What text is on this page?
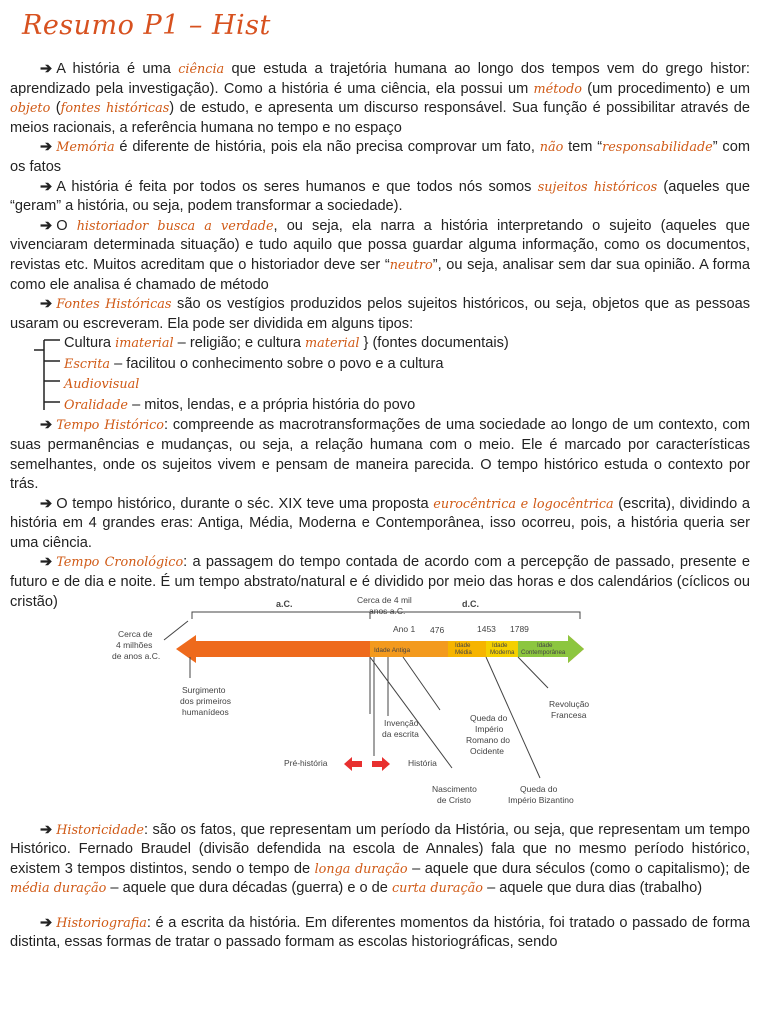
Resumo P1 – Hist

➔ A história é uma ciência que estuda a trajetória humana ao longo dos tempos vem do grego histor: aprendizado pela investigação). Como a história é uma ciência, ela possui um método (um procedimento) e um objeto (fontes históricas) de estudo, e apresenta um discurso responsável. Sua função é possibilitar através de meios racionais, a referência humana no tempo e no espaço

➔ Memória é diferente de história, pois ela não precisa comprovar um fato, não tem “responsabilidade” com os fatos

➔ A história é feita por todos os seres humanos e que todos nós somos sujeitos históricos (aqueles que “geram” a história, ou seja, podem transformar a sociedade).

➔ O historiador busca a verdade, ou seja, ela narra a história interpretando o sujeito (aqueles que vivenciaram determinada situação) e tudo aquilo que possa guardar alguma informação, como os documentos, revistas etc. Muitos acreditam que o historiador deve ser “neutro”, ou seja, analisar sem dar sua opinião. A forma como ele analisa é chamado de método

➔ Fontes Históricas são os vestígios produzidos pelos sujeitos históricos, ou seja, objetos que as pessoas usaram ou escreveram. Ela pode ser dividida em alguns tipos:

Cultura imaterial – religião; e cultura material } (fontes documentais)
Escrita – facilitou o conhecimento sobre o povo e a cultura
Audiovisual
Oralidade – mitos, lendas, e a própria história do povo

➔ Tempo Histórico: compreende as macrotransformações de uma sociedade ao longo de um contexto, com suas permanências e mudanças, ou seja, a relação humana com o meio. Ele é marcado por características semelhantes, onde os sujeitos vivem e pensam de maneira parecida. O tempo histórico estuda o contexto por trás.

➔ O tempo histórico, durante o séc. XIX teve uma proposta eurocêntrica e logocêntrica (escrita), dividindo a história em 4 grandes eras: Antiga, Média, Moderna e Contemporânea, isso ocorreu, pois, a história queria ser uma ciência.

➔ Tempo Cronológico: a passagem do tempo contada de acordo com a percepção de passado, presente e futuro e de dia e noite. É um tempo abstrato/natural e é dividido por meio das horas e dos calendários (cíclicos ou cristão)	a.C.	d.C.
Cerca de 4 mil
anos a.C.
Ano 1 476	1453 1789
Idade Antiga
Idade
Média
Idade
Moderna
Idade
Contemporânea
Cerca de
4 milhões
de anos a.C.
Surgimento
dos primeiros
humanídeos
Invenção
da escrita
Queda do
Império
Romano do
Ocidente
Revolução
Francesa
Pré-história	História
Nascimento
de Cristo
Queda do
Império Bizantino

➔ Historicidade: são os fatos, que representam um período da História, ou seja, que representam um tempo Histórico. Fernado Braudel (divisão defendida na escola de Annales) fala que no mesmo período histórico, existem 3 tempos distintos, sendo o tempo de longa duração – aquele que dura séculos (como o capitalismo); de média duração – aquele que dura décadas (guerra) e o de curta duração – aquele que dura dias (trabalho)

➔ Historiografia: é a escrita da história. Em diferentes momentos da história, foi tratado o passado de forma distinta, essas formas de tratar o passado formam as escolas historiográficas, sendo
